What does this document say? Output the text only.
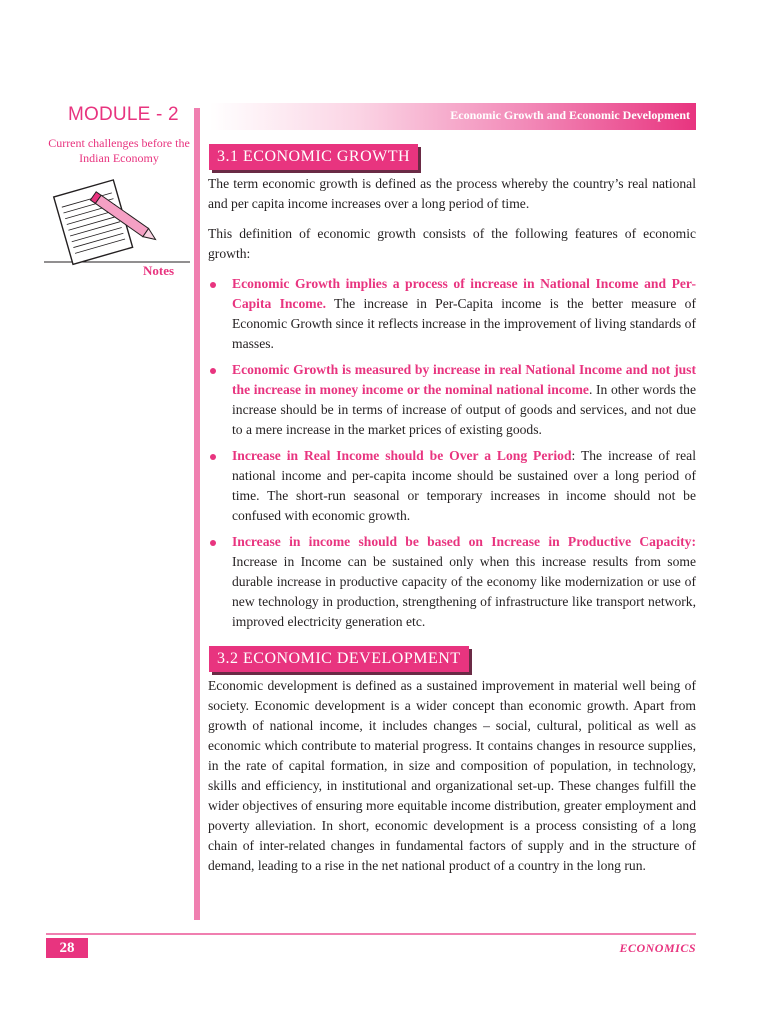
MODULE - 2
Current challenges before the Indian Economy
Notes
Economic Growth and Economic Development
3.1 ECONOMIC GROWTH

The term economic growth is defined as the process whereby the country’s real national and per capita income increases over a long period of time.

This definition of economic growth consists of the following features of economic growth:

Economic Growth implies a process of increase in National Income and Per-Capita Income. The increase in Per-Capita income is the better measure of Economic Growth since it reflects increase in the improvement of living standards of masses.
Economic Growth is measured by increase in real National Income and not just the increase in money income or the nominal national income. In other words the increase should be in terms of increase of output of goods and services, and not due to a mere increase in the market prices of existing goods.
Increase in Real Income should be Over a Long Period: The increase of real national income and per-capita income should be sustained over a long period of time. The short-run seasonal or temporary increases in income should not be confused with economic growth.
Increase in income should be based on Increase in Productive Capacity: Increase in Income can be sustained only when this increase results from some durable increase in productive capacity of the economy like modernization or use of new technology in production, strengthening of infrastructure like transport network, improved electricity generation etc.
3.2 ECONOMIC DEVELOPMENT

Economic development is defined as a sustained improvement in material well being of society. Economic development is a wider concept than economic growth. Apart from growth of national income, it includes changes – social, cultural, political as well as economic which contribute to material progress. It contains changes in resource supplies, in the rate of capital formation, in size and composition of population, in technology, skills and efficiency, in institutional and organizational set-up. These changes fulfill the wider objectives of ensuring more equitable income distribution, greater employment and poverty alleviation. In short, economic development is a process consisting of a long chain of inter-related changes in fundamental factors of supply and in the structure of demand, leading to a rise in the net national product of a country in the long run.

28	ECONOMICS
